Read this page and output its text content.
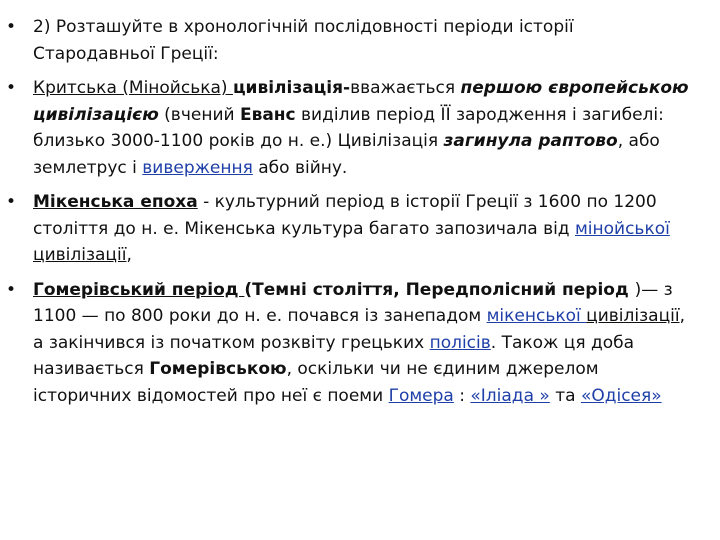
• 2) Розташуйте в хронологічній послідовності періоди історії Стародавньої Греції:
• Критська (Мінойська) цивілізація-вважається першою європейською цивілізацією (вчений Еванс виділив період ЇЇ зародження і загибелі: близько 3000-1100 років до н. е.) Цивілізація загинула раптово, або землетрус і виверження або війну.
• Мікенська епоха - культурний період в історії Греції з 1600 по 1200 століття до н. е. Мікенська культура багато запозичала від мінойської цивілізації,
• Гомерівський період (Темні століття, Передполісний період )— з 1100 — по 800 роки до н. е. почався із занепадом мікенської цивілізації, а закінчився із початком розквіту грецьких полісів. Також ця доба називається Гомерівською, оскільки чи не єдиним джерелом історичних відомостей про неї є поеми Гомера : «Іліада » та «Одісея»
